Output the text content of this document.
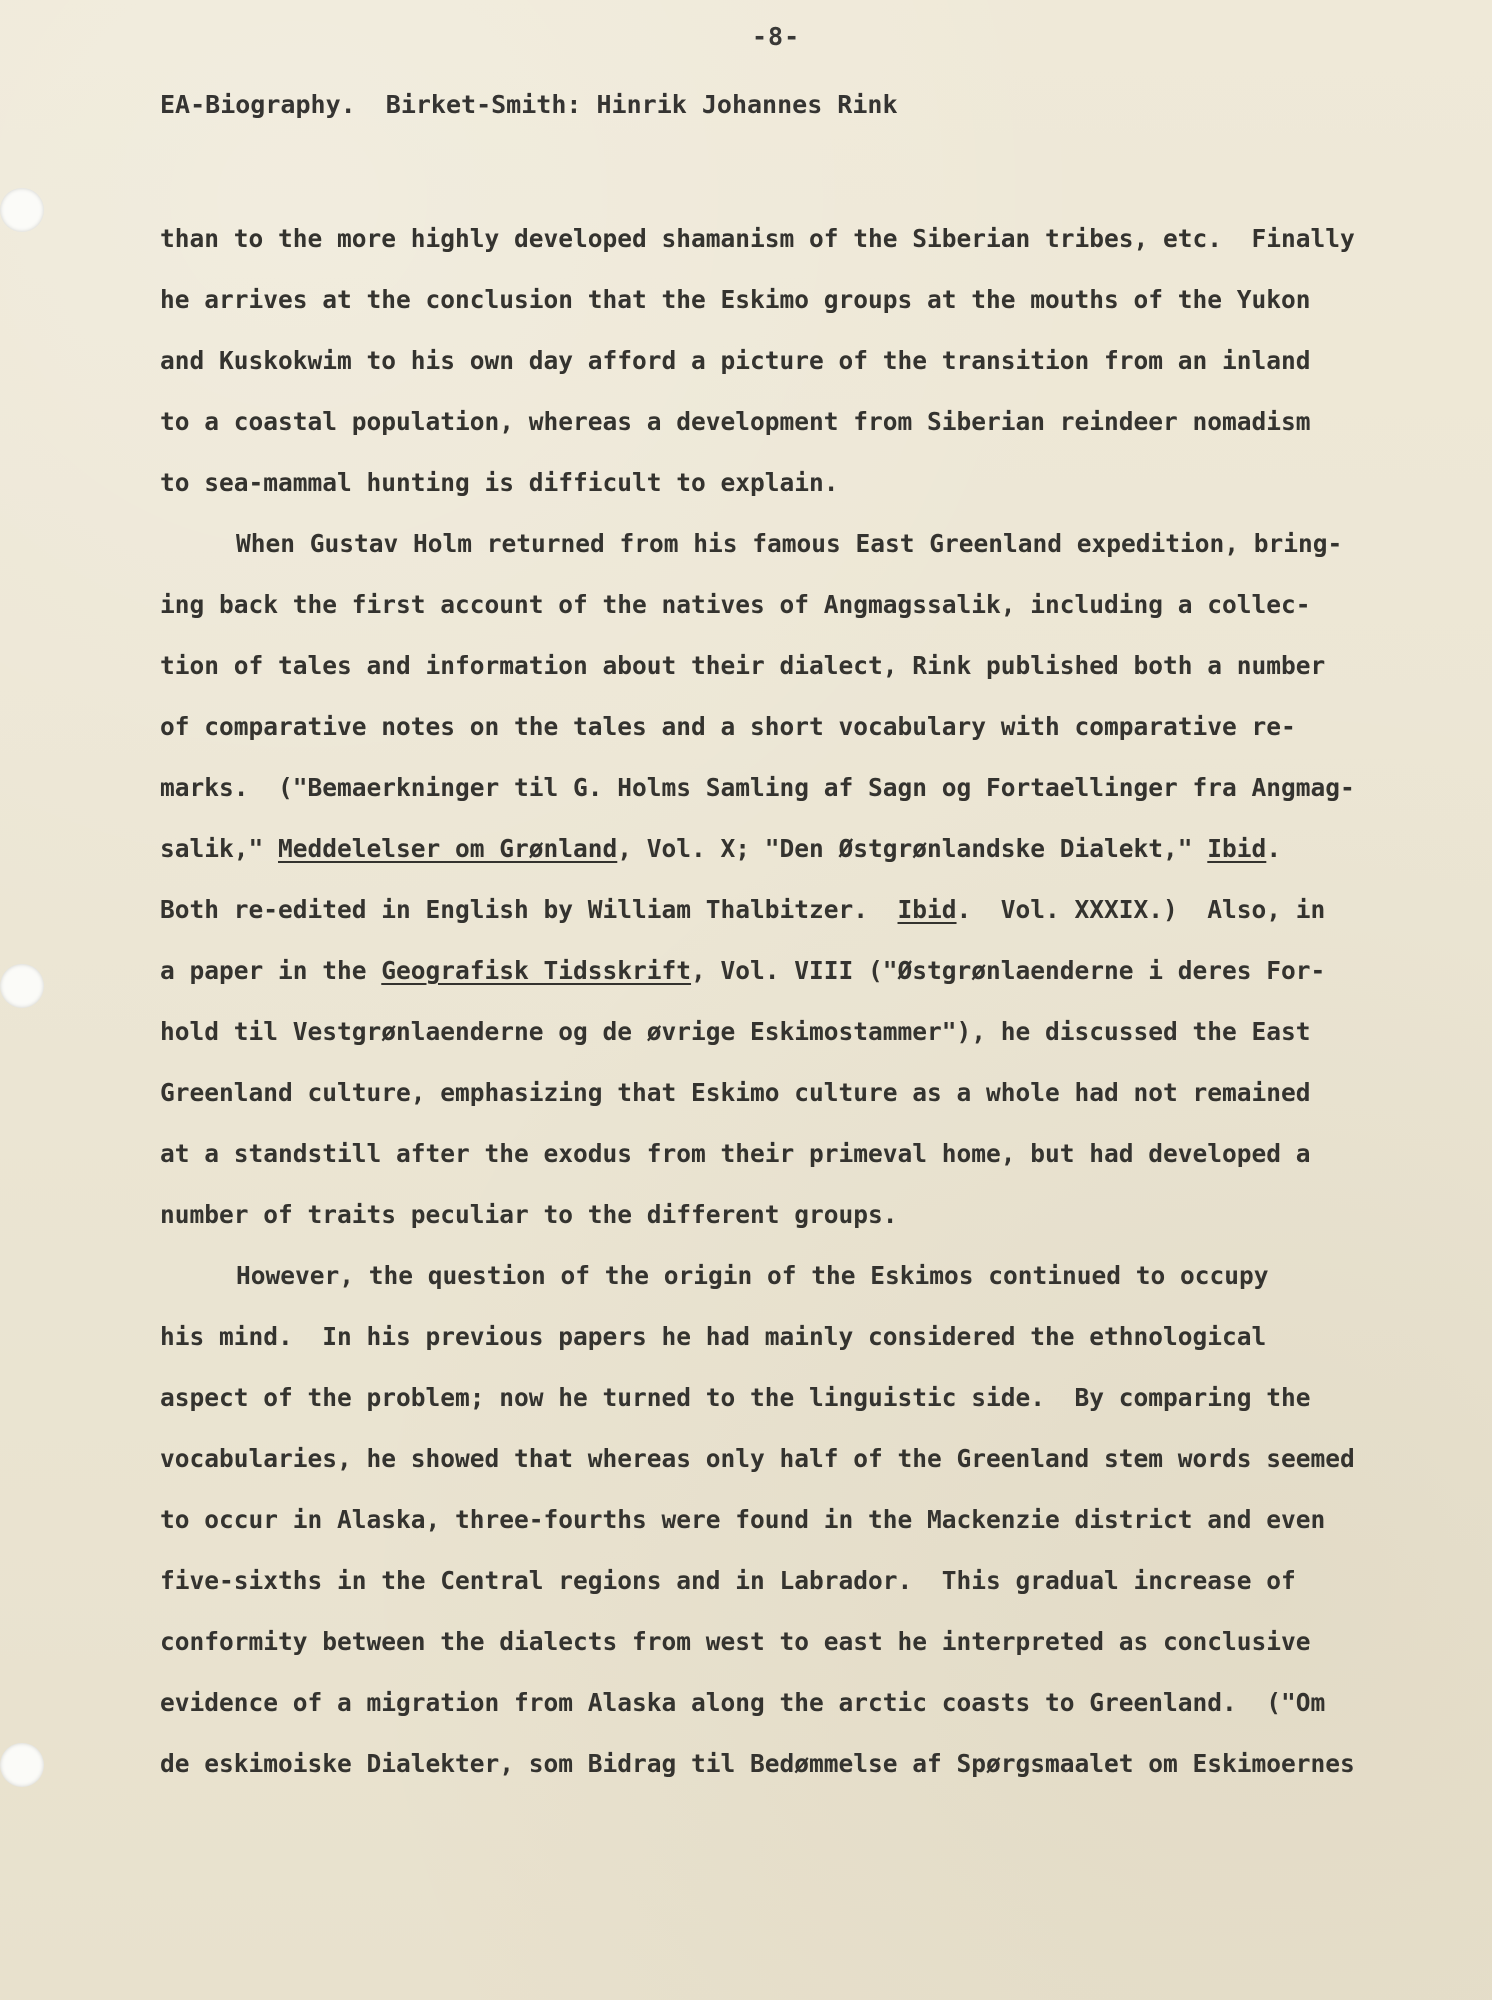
-8-
EA-Biography.  Birket-Smith: Hinrik Johannes Rink
than to the more highly developed shamanism of the Siberian tribes, etc.  Finally
he arrives at the conclusion that the Eskimo groups at the mouths of the Yukon
and Kuskokwim to his own day afford a picture of the transition from an inland
to a coastal population, whereas a development from Siberian reindeer nomadism
to sea-mammal hunting is difficult to explain.
When Gustav Holm returned from his famous East Greenland expedition, bring-
ing back the first account of the natives of Angmagssalik, including a collec-
tion of tales and information about their dialect, Rink published both a number
of comparative notes on the tales and a short vocabulary with comparative re-
marks.  ("Bemaerkninger til G. Holms Samling af Sagn og Fortaellinger fra Angmag-
salik," Meddelelser om Grønland, Vol. X; "Den Østgrønlandske Dialekt," Ibid.
Both re-edited in English by William Thalbitzer.  Ibid.  Vol. XXXIX.)  Also, in
a paper in the Geografisk Tidsskrift, Vol. VIII ("Østgrønlaenderne i deres For-
hold til Vestgrønlaenderne og de øvrige Eskimostammer"), he discussed the East
Greenland culture, emphasizing that Eskimo culture as a whole had not remained
at a standstill after the exodus from their primeval home, but had developed a
number of traits peculiar to the different groups.
However, the question of the origin of the Eskimos continued to occupy
his mind.  In his previous papers he had mainly considered the ethnological
aspect of the problem; now he turned to the linguistic side.  By comparing the
vocabularies, he showed that whereas only half of the Greenland stem words seemed
to occur in Alaska, three-fourths were found in the Mackenzie district and even
five-sixths in the Central regions and in Labrador.  This gradual increase of
conformity between the dialects from west to east he interpreted as conclusive
evidence of a migration from Alaska along the arctic coasts to Greenland.  ("Om
de eskimoiske Dialekter, som Bidrag til Bedømmelse af Spørgsmaalet om Eskimoernes
